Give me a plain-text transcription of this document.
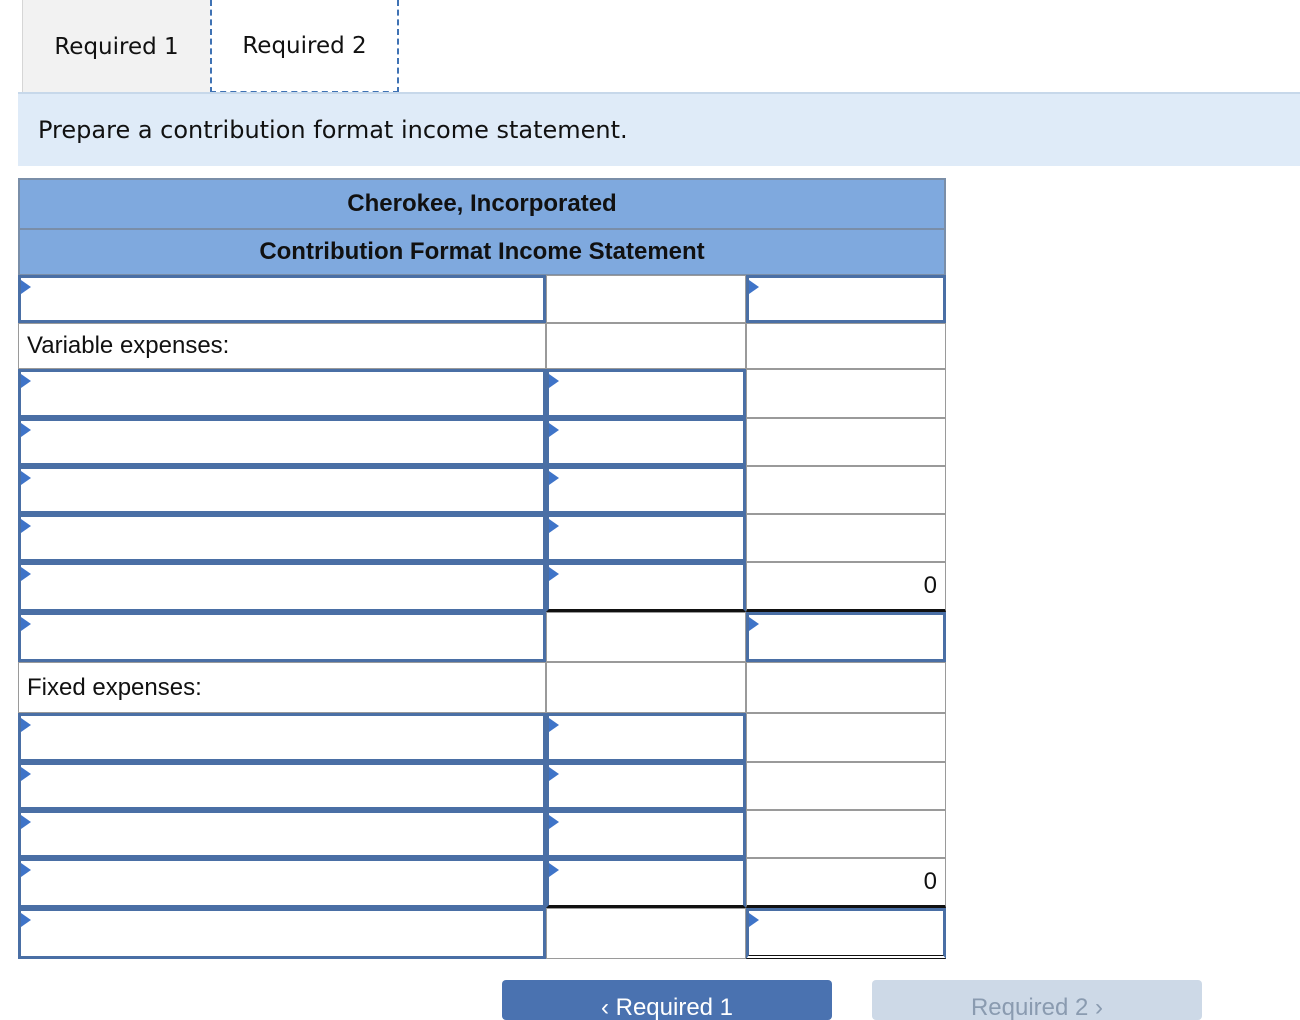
Required 1	Required 2
Prepare a contribution format income statement.
Cherokee, Incorporated
Contribution Format Income Statement
Variable expenses:
0
Fixed expenses:
0
‹ Required 1	Required 2 ›
